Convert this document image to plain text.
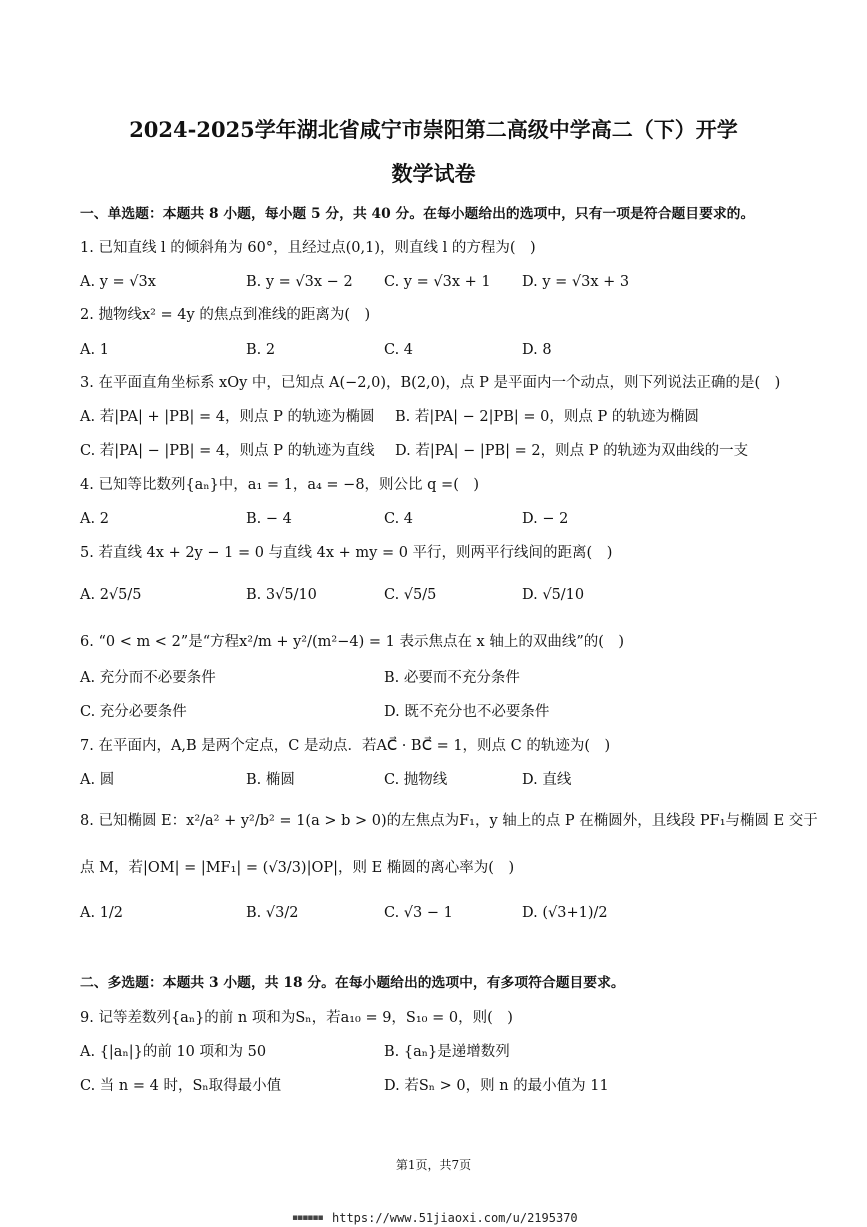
2024-2025学年湖北省咸宁市崇阳第二高级中学高二（下）开学
数学试卷
一、单选题：本题共 8 小题，每小题 5 分，共 40 分。在每小题给出的选项中，只有一项是符合题目要求的。
1. 已知直线 l 的倾斜角为 60°，且经过点(0,1)，则直线 l 的方程为(　)
A. y = √3x	B. y = √3x − 2 C. y = √3x + 1 D. y = √3x + 3
2. 抛物线x² = 4y 的焦点到准线的距离为(　)
A. 1	B. 2	C. 4	D. 8
3. 在平面直角坐标系 xOy 中，已知点 A(−2,0)，B(2,0)，点 P 是平面内一个动点，则下列说法正确的是(　)
A. 若|PA| + |PB| = 4，则点 P 的轨迹为椭圆 B. 若|PA| − 2|PB| = 0，则点 P 的轨迹为椭圆
C. 若|PA| − |PB| = 4，则点 P 的轨迹为直线 D. 若|PA| − |PB| = 2，则点 P 的轨迹为双曲线的一支
4. 已知等比数列{aₙ}中，a₁ = 1，a₄ = −8，则公比 q =(　)
A. 2	B. − 4	C. 4	D. − 2
5. 若直线 4x + 2y − 1 = 0 与直线 4x + my = 0 平行，则两平行线间的距离(　)
A. 2√5/5	B. 3√5/10	C. √5/5	D. √5/10
6. “0 < m < 2”是“方程x²/m + y²/(m²−4) = 1 表示焦点在 x 轴上的双曲线”的(　)
A. 充分而不必要条件	B. 必要而不充分条件
C. 充分必要条件	D. 既不充分也不必要条件
7. 在平面内，A,B 是两个定点，C 是动点．若AC⃗ · BC⃗ = 1，则点 C 的轨迹为(　)
A. 圆	B. 椭圆	C. 抛物线	D. 直线
8. 已知椭圆 E：x²/a² + y²/b² = 1(a > b > 0)的左焦点为F₁，y 轴上的点 P 在椭圆外，且线段 PF₁与椭圆 E 交于
点 M，若|OM| = |MF₁| = (√3/3)|OP|，则 E 椭圆的离心率为(　)
A. 1/2	B. √3/2	C. √3 − 1	D. (√3+1)/2
二、多选题：本题共 3 小题，共 18 分。在每小题给出的选项中，有多项符合题目要求。
9. 记等差数列{aₙ}的前 n 项和为Sₙ，若a₁₀ = 9，S₁₀ = 0，则(　)
A. {|aₙ|}的前 10 项和为 50	B. {aₙ}是递增数列
C. 当 n = 4 时，Sₙ取得最小值	D. 若Sₙ > 0，则 n 的最小值为 11
第1页，共7页
▪▪▪▪▪▪ https://www.51jiaoxi.com/u/2195370
